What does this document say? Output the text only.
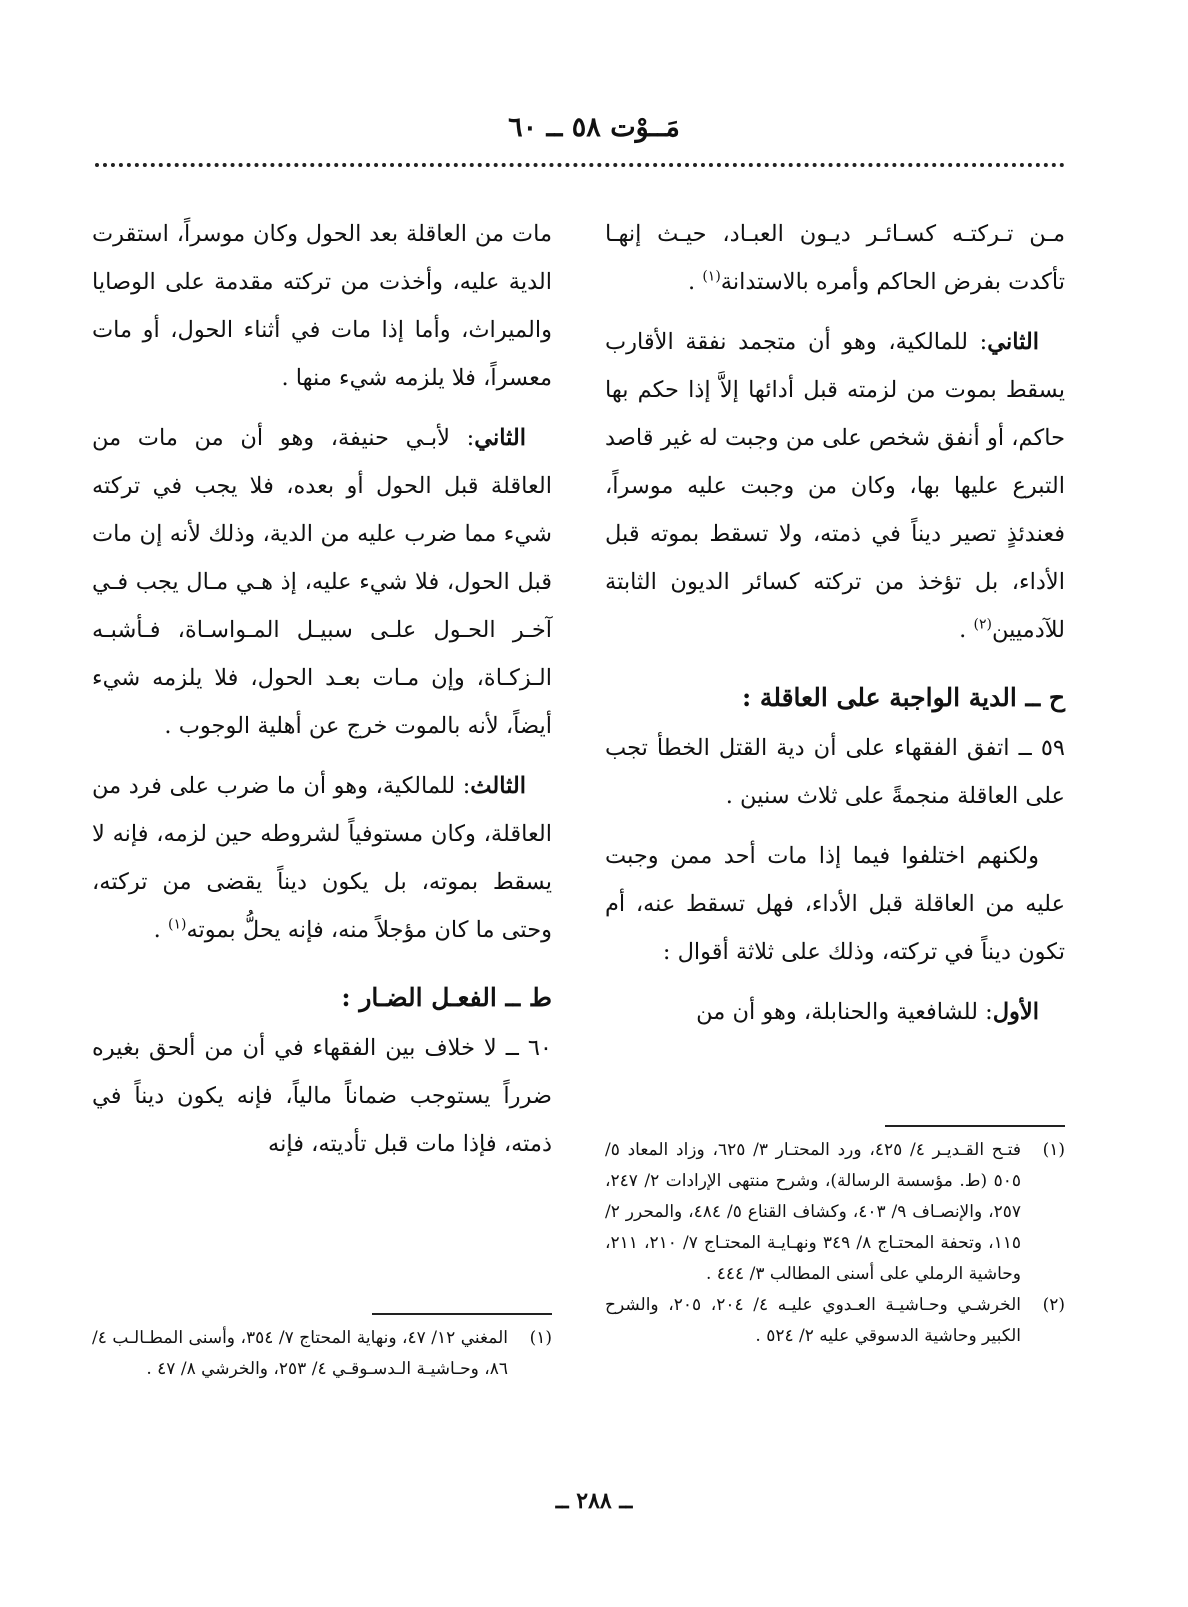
مَــوْت ٥٨ ــ ٦٠

مـن تـركتـه كسـائـر ديـون العبـاد، حيـث إنهـا تأكدت بفرض الحاكم وأمره بالاستدانة$^{(١)}$ .

الثاني: للمالكية، وهو أن متجمد نفقة الأقارب يسقط بموت من لزمته قبل أدائها إلاَّ إذا حكم بها حاكم، أو أنفق شخص على من وجبت له غير قاصد التبرع عليها بها، وكان من وجبت عليه موسراً، فعندئذٍ تصير ديناً في ذمته، ولا تسقط بموته قبل الأداء، بل تؤخذ من تركته كسائر الديون الثابتة للآدميين$^{(٢)}$ .

ح ــ الدية الواجبة على العاقلة :

٥٩ ــ اتفق الفقهاء على أن دية القتل الخطأ تجب على العاقلة منجمةً على ثلاث سنين .

ولكنهم اختلفوا فيما إذا مات أحد ممن وجبت عليه من العاقلة قبل الأداء، فهل تسقط عنه، أم تكون ديناً في تركته، وذلك على ثلاثة أقوال :

الأول: للشافعية والحنابلة، وهو أن من

مات من العاقلة بعد الحول وكان موسراً، استقرت الدية عليه، وأخذت من تركته مقدمة على الوصايا والميراث، وأما إذا مات في أثناء الحول، أو مات معسراً، فلا يلزمه شيء منها .

الثاني: لأبـي حنيفة، وهو أن من مات من العاقلة قبل الحول أو بعده، فلا يجب في تركته شيء مما ضرب عليه من الدية، وذلك لأنه إن مات قبل الحول، فلا شيء عليه، إذ هـي مـال يجب فـي آخـر الحـول علـى سبيـل المـواسـاة، فـأشبـه الـزكـاة، وإن مـات بعـد الحول، فلا يلزمه شيء أيضاً، لأنه بالموت خرج عن أهلية الوجوب .

الثالث: للمالكية، وهو أن ما ضرب على فرد من العاقلة، وكان مستوفياً لشروطه حين لزمه، فإنه لا يسقط بموته، بل يكون ديناً يقضى من تركته، وحتى ما كان مؤجلاً منه، فإنه يحلُّ بموته$^{(١)}$ .

ط ــ الفعـل الضـار :

٦٠ ــ لا خلاف بين الفقهاء في أن من ألحق بغيره ضرراً يستوجب ضماناً مالياً، فإنه يكون ديناً في ذمته، فإذا مات قبل تأديته، فإنه	(١)
فتـح القـديـر ٤/ ٤٢٥، ورد المحتـار ٣/ ٦٢٥، وزاد المعاد ٥/ ٥٠٥ (ط. مؤسسة الرسالة)، وشرح منتهى الإرادات ٢/ ٢٤٧، ٢٥٧، والإنصـاف ٩/ ٤٠٣، وكشاف القناع ٥/ ٤٨٤، والمحرر ٢/ ١١٥، وتحفة المحتـاج ٨/ ٣٤٩ ونهـايـة المحتـاج ٧/ ٢١٠، ٢١١، وحاشية الرملي على أسنى المطالب ٣/ ٤٤٤ .

(٢)
الخرشـي وحـاشيـة العـدوي عليـه ٤/ ٢٠٤، ٢٠٥، والشرح الكبير وحاشية الدسوقي عليه ٢/ ٥٢٤ .

(١)
المغني ١٢/ ٤٧، ونهاية المحتاج ٧/ ٣٥٤، وأسنى المطـالـب ٤/ ٨٦، وحـاشيـة الـدسـوقـي ٤/ ٢٥٣، والخرشي ٨/ ٤٧ .

ــ ٢٨٨ ــ
